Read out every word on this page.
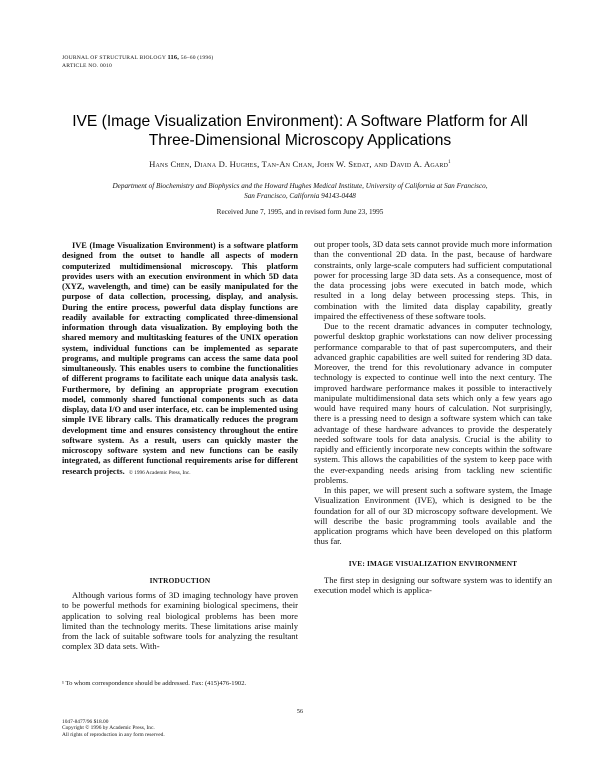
JOURNAL OF STRUCTURAL BIOLOGY 116, 56–60 (1996)
ARTICLE NO. 0010
IVE (Image Visualization Environment): A Software Platform for All
Three-Dimensional Microscopy Applications
Hans Chen, Diana D. Hughes, Tan-An Chan, John W. Sedat, and David A. Agard$^1$
Department of Biochemistry and Biophysics and the Howard Hughes Medical Institute, University of California at San Francisco,
San Francisco, California 94143-0448
Received June 7, 1995, and in revised form June 23, 1995

IVE (Image Visualization Environment) is a software platform designed from the outset to handle all aspects of modern computerized multidimensional microscopy. This platform provides users with an execution environment in which 5D data (XYZ, wavelength, and time) can be easily manipulated for the purpose of data collection, processing, display, and analysis. During the entire process, powerful data display functions are readily available for extracting complicated three-dimensional information through data visualization. By employing both the shared memory and multitasking features of the UNIX operation system, individual functions can be implemented as separate programs, and multiple programs can access the same data pool simultaneously. This enables users to combine the functionalities of different programs to facilitate each unique data analysis task. Furthermore, by defining an appropriate program execution model, commonly shared functional components such as data display, data I/O and user interface, etc. can be implemented using simple IVE library calls. This dramatically reduces the program development time and ensures consistency throughout the entire software system. As a result, users can quickly master the microscopy software system and new functions can be easily integrated, as different functional requirements arise for different research projects. © 1996 Academic Press, Inc.

INTRODUCTION

Although various forms of 3D imaging technology have proven to be powerful methods for examining biological specimens, their application to solving real biological problems has been more limited than the technology merits. These limitations arise mainly from the lack of suitable software tools for analyzing the resultant complex 3D data sets. With-

¹ To whom correspondence should be addressed. Fax: (415)476-1902.
56
1047-8477/96 $18.00
Copyright © 1996 by Academic Press, Inc.
All rights of reproduction in any form reserved.

out proper tools, 3D data sets cannot provide much more information than the conventional 2D data. In the past, because of hardware constraints, only large-scale computers had sufficient computational power for processing large 3D data sets. As a consequence, most of the data processing jobs were executed in batch mode, which resulted in a long delay between processing steps. This, in combination with the limited data display capability, greatly impaired the effectiveness of these software tools.

Due to the recent dramatic advances in computer technology, powerful desktop graphic workstations can now deliver processing performance comparable to that of past supercomputers, and their advanced graphic capabilities are well suited for rendering 3D data. Moreover, the trend for this revolutionary advance in computer technology is expected to continue well into the next century. The improved hardware performance makes it possible to interactively manipulate multidimensional data sets which only a few years ago would have required many hours of calculation. Not surprisingly, there is a pressing need to design a software system which can take advantage of these hardware advances to provide the desperately needed software tools for data analysis. Crucial is the ability to rapidly and efficiently incorporate new concepts within the software system. This allows the capabilities of the system to keep pace with the ever-expanding needs arising from tackling new scientific problems.

In this paper, we will present such a software system, the Image Visualization Environment (IVE), which is designed to be the foundation for all of our 3D microscopy software development. We will describe the basic programming tools available and the application programs which have been developed on this platform thus far.

IVE: IMAGE VISUALIZATION ENVIRONMENT

The first step in designing our software system was to identify an execution model which is applica-
